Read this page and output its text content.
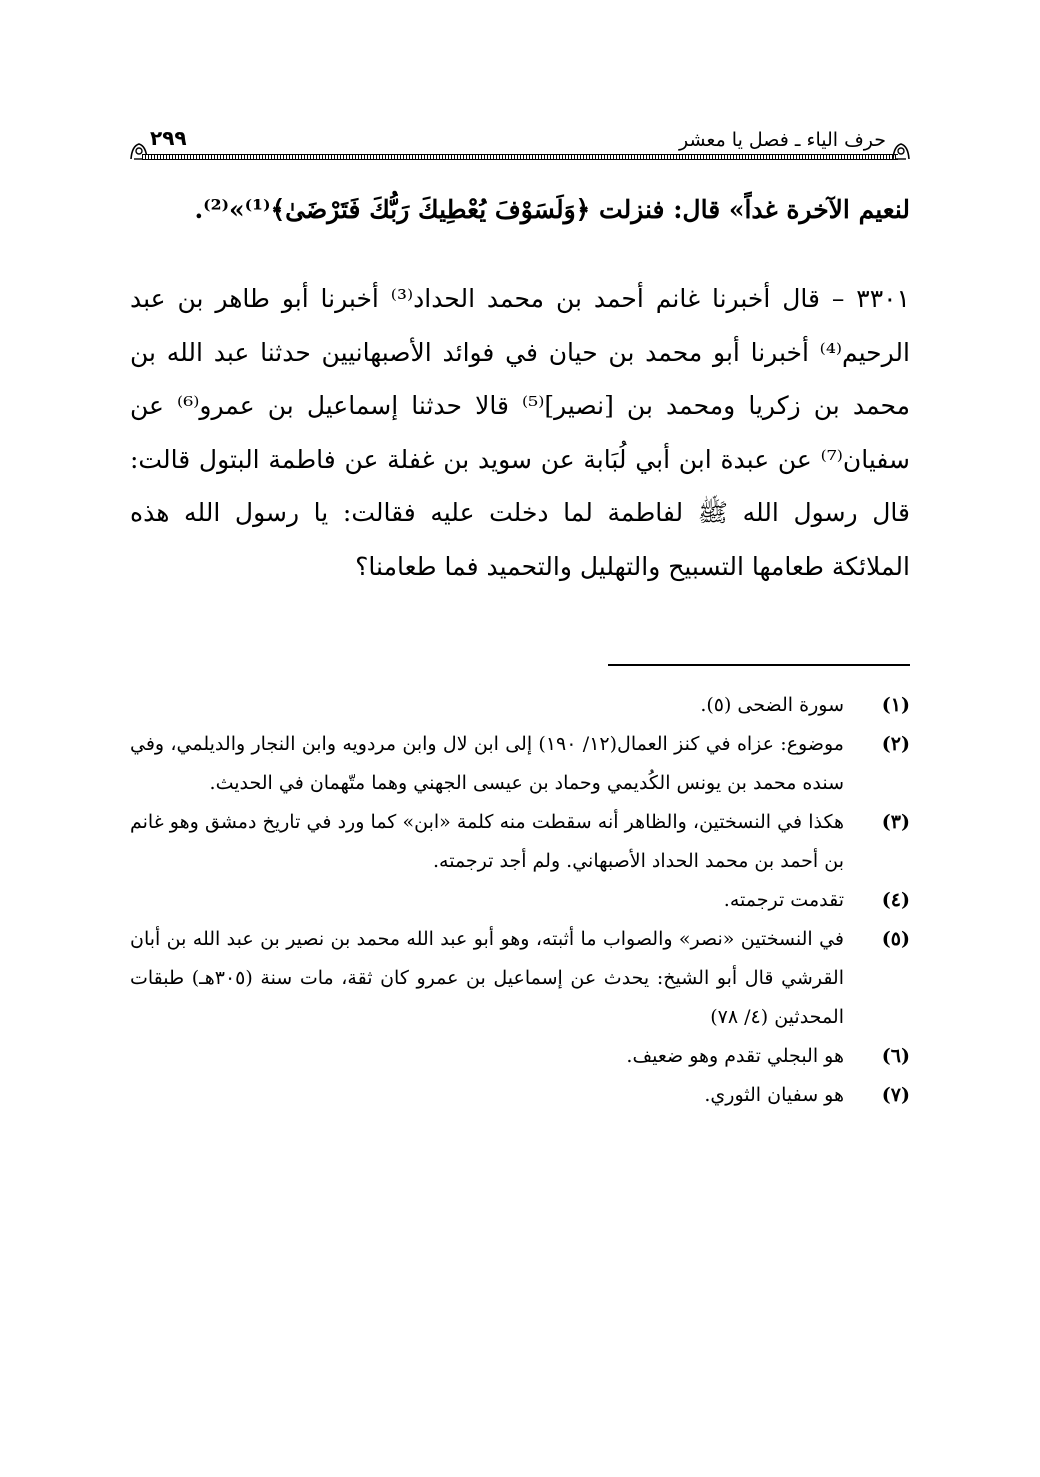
٢٩٩	حرف الياء ـ فصل يا معشر
لنعيم الآخرة غداً» قال: فنزلت ﴿وَلَسَوْفَ يُعْطِيكَ رَبُّكَ فَتَرْضَىٰ﴾⁽¹⁾»⁽²⁾.
٣٣٠١ – قال أخبرنا غانم أحمد بن محمد الحداد⁽³⁾ أخبرنا أبو طاهر بن عبد الرحيم⁽⁴⁾ أخبرنا أبو محمد بن حيان في فوائد الأصبهانيين حدثنا عبد الله بن محمد بن زكريا ومحمد بن [نصير]⁽⁵⁾ قالا حدثنا إسماعيل بن عمرو⁽⁶⁾ عن سفيان⁽⁷⁾ عن عبدة ابن أبي لُبَابة عن سويد بن غفلة عن فاطمة البتول قالت: قال رسول الله ﷺ لفاطمة لما دخلت عليه فقالت: يا رسول الله هذه الملائكة طعامها التسبيح والتهليل والتحميد فما طعامنا؟
(١)
سورة الضحى (٥).
(٢)
موضوع: عزاه في كنز العمال(١٢/ ١٩٠) إلى ابن لال وابن مردويه وابن النجار والديلمي، وفي سنده محمد بن يونس الكُديمي وحماد بن عيسى الجهني وهما متّهمان في الحديث.
(٣)
هكذا في النسختين، والظاهر أنه سقطت منه كلمة «ابن» كما ورد في تاريخ دمشق وهو غانم بن أحمد بن محمد الحداد الأصبهاني. ولم أجد ترجمته.
(٤)
تقدمت ترجمته.
(٥)
في النسختين «نصر» والصواب ما أثبته، وهو أبو عبد الله محمد بن نصير بن عبد الله بن أبان القرشي قال أبو الشيخ: يحدث عن إسماعيل بن عمرو كان ثقة، مات سنة (٣٠٥هـ) طبقات المحدثين (٤/ ٧٨)
(٦)
هو البجلي تقدم وهو ضعيف.
(٧)
هو سفيان الثوري.
